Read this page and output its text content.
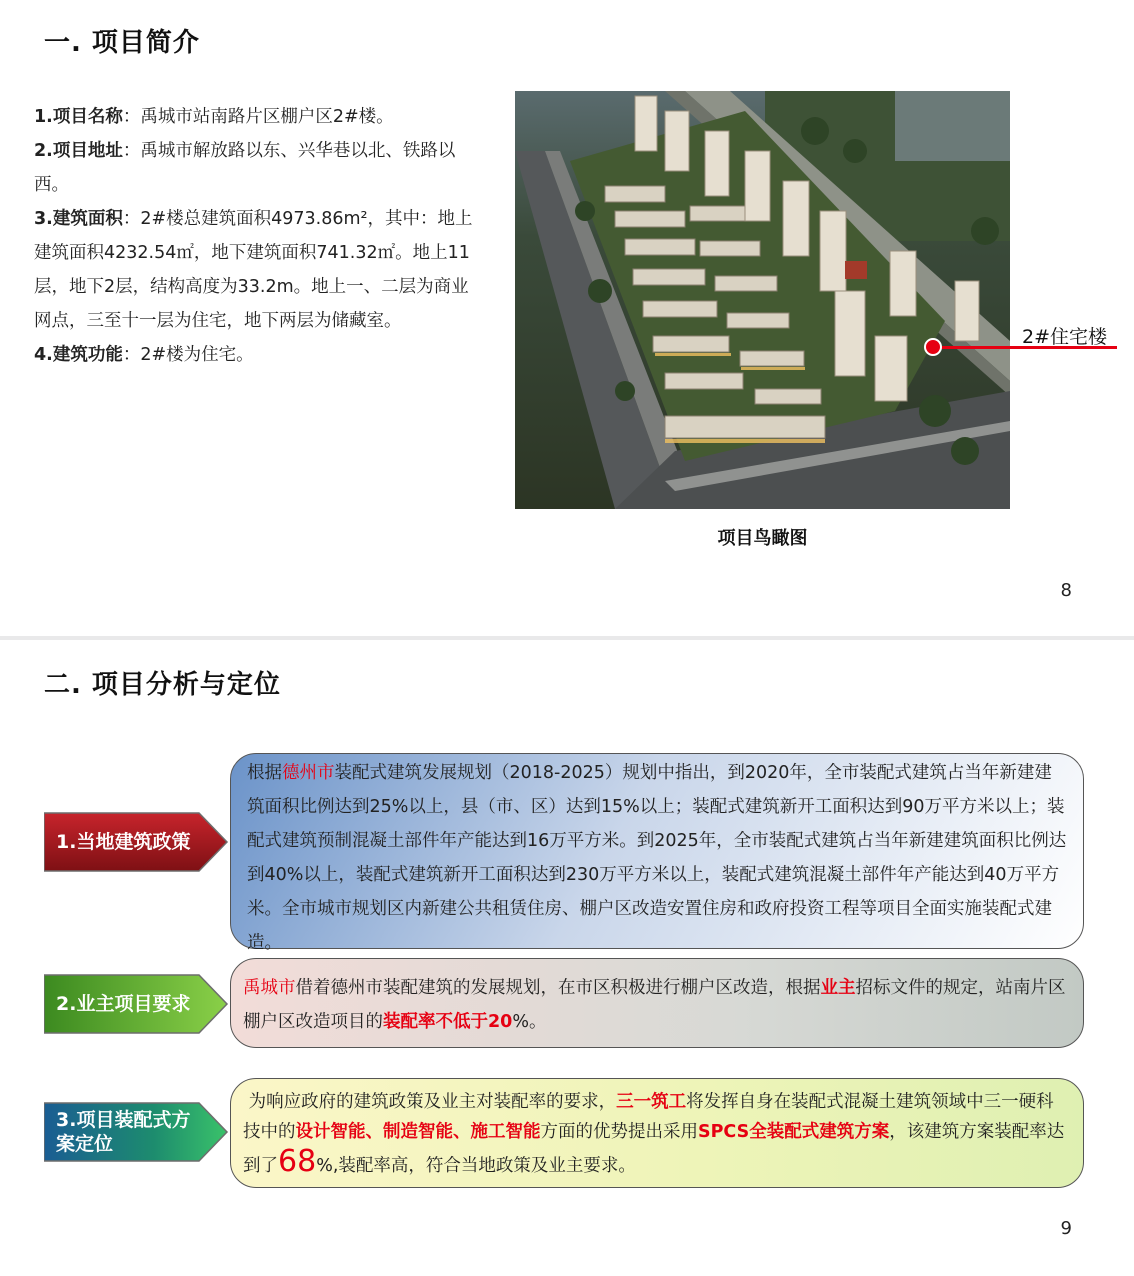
一. 项目简介

1.项目名称：禹城市站南路片区棚户区2#楼。

2.项目地址：禹城市解放路以东、兴华巷以北、铁路以西。

3.建筑面积：2#楼总建筑面积4973.86m²，其中：地上建筑面积4232.54㎡，地下建筑面积741.32㎡。地上11层，地下2层，结构高度为33.2m。地上一、二层为商业网点，三至十一层为住宅，地下两层为储藏室。

4.建筑功能：2#楼为住宅。

2#住宅楼
项目鸟瞰图
8
二. 项目分析与定位
1.当地建筑政策

根据德州市装配式建筑发展规划（2018-2025）规划中指出，到2020年，全市装配式建筑占当年新建建筑面积比例达到25%以上，县（市、区）达到15%以上；装配式建筑新开工面积达到90万平方米以上；装配式建筑预制混凝土部件年产能达到16万平方米。到2025年，全市装配式建筑占当年新建建筑面积比例达到40%以上，装配式建筑新开工面积达到230万平方米以上，装配式建筑混凝土部件年产能达到40万平方米。全市城市规划区内新建公共租赁住房、棚户区改造安置住房和政府投资工程等项目全面实施装配式建造。

2.业主项目要求

禹城市借着德州市装配建筑的发展规划，在市区积极进行棚户区改造，根据业主招标文件的规定，站南片区棚户区改造项目的装配率不低于20%。

3.项目装配式方案定位

为响应政府的建筑政策及业主对装配率的要求，三一筑工将发挥自身在装配式混凝土建筑领域中三一硬科技中的设计智能、制造智能、施工智能方面的优势提出采用SPCS全装配式建筑方案，该建筑方案装配率达到了68%,装配率高，符合当地政策及业主要求。

9
